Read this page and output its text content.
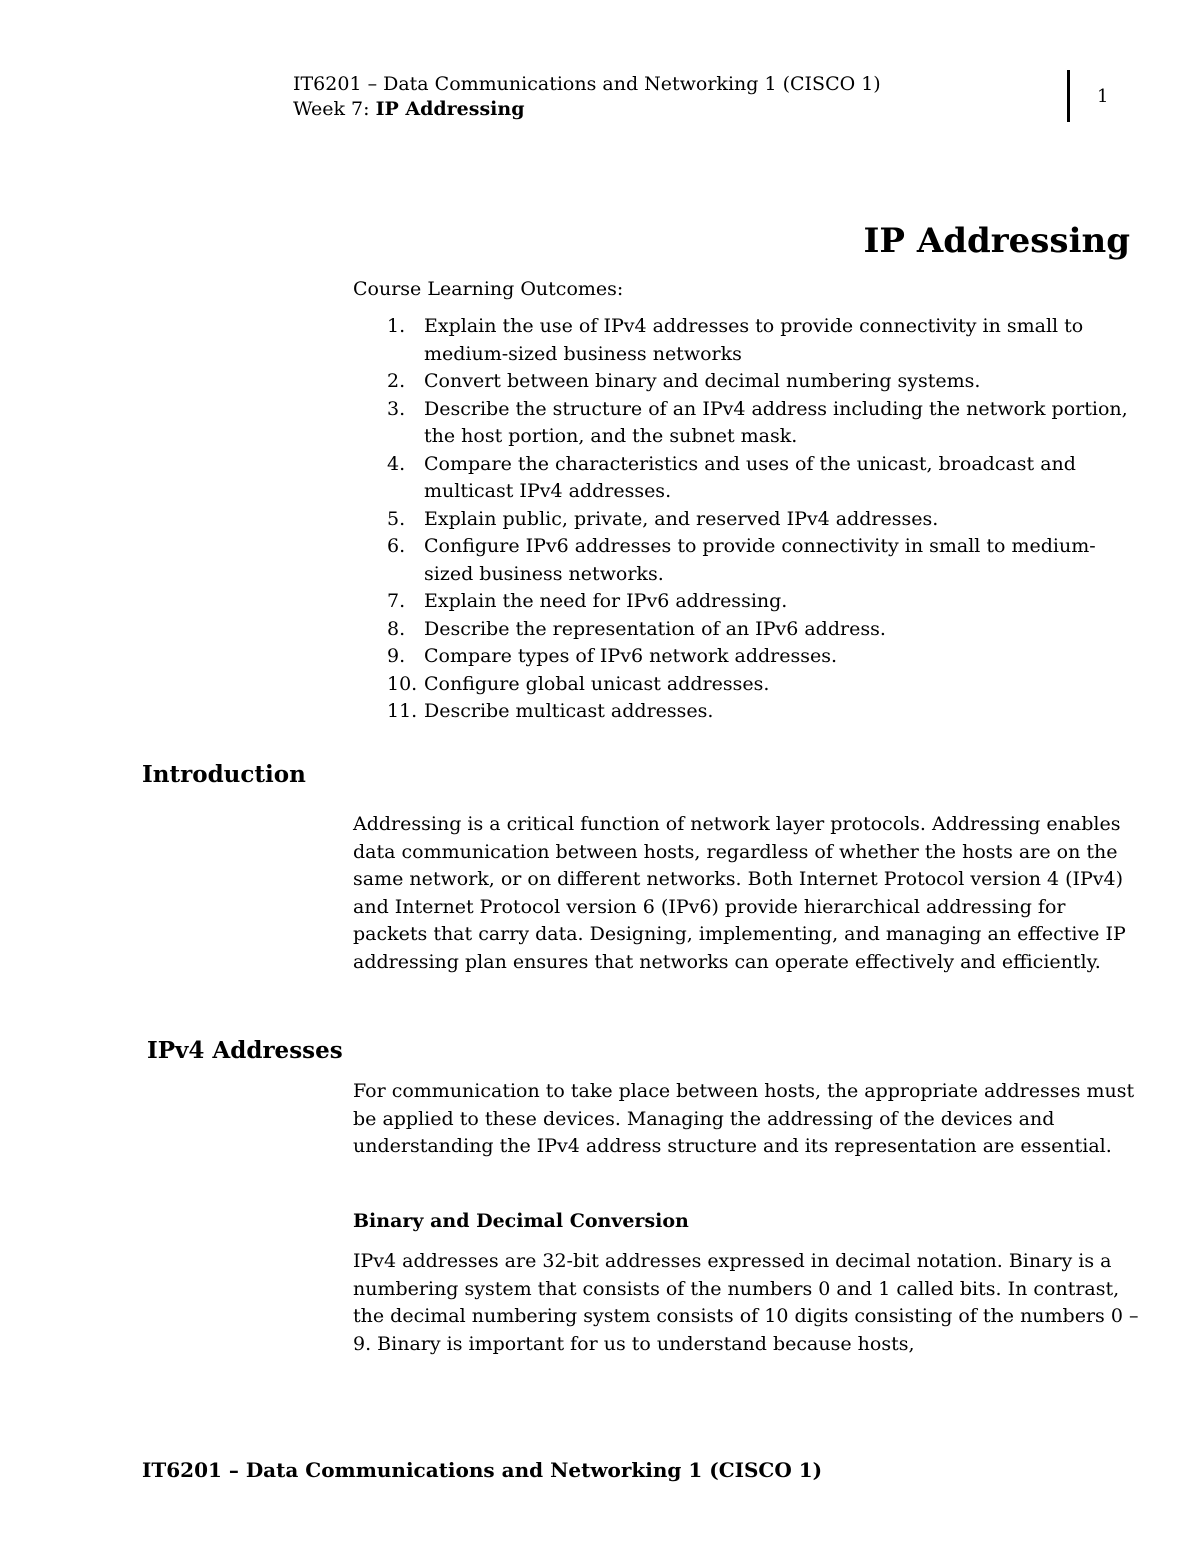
IT6201 – Data Communications and Networking 1 (CISCO 1)
Week 7: IP Addressing
1
IP Addressing
Course Learning Outcomes:
1. Explain the use of IPv4 addresses to provide connectivity in small to medium-sized business networks
2. Convert between binary and decimal numbering systems.
3. Describe the structure of an IPv4 address including the network portion, the host portion, and the subnet mask.
4. Compare the characteristics and uses of the unicast, broadcast and multicast IPv4 addresses.
5. Explain public, private, and reserved IPv4 addresses.
6. Configure IPv6 addresses to provide connectivity in small to medium-sized business networks.
7. Explain the need for IPv6 addressing.
8. Describe the representation of an IPv6 address.
9. Compare types of IPv6 network addresses.
10. Configure global unicast addresses.
11. Describe multicast addresses.
Introduction

Addressing is a critical function of network layer protocols. Addressing enables data communication between hosts, regardless of whether the hosts are on the same network, or on different networks. Both Internet Protocol version 4 (IPv4) and Internet Protocol version 6 (IPv6) provide hierarchical addressing for packets that carry data. Designing, implementing, and managing an effective IP addressing plan ensures that networks can operate effectively and efficiently.

IPv4 Addresses

For communication to take place between hosts, the appropriate addresses must be applied to these devices. Managing the addressing of the devices and understanding the IPv4 address structure and its representation are essential.

Binary and Decimal Conversion

IPv4 addresses are 32-bit addresses expressed in decimal notation. Binary is a numbering system that consists of the numbers 0 and 1 called bits. In contrast, the decimal numbering system consists of 10 digits consisting of the numbers 0 –9. Binary is important for us to understand because hosts,

IT6201 – Data Communications and Networking 1 (CISCO 1)
